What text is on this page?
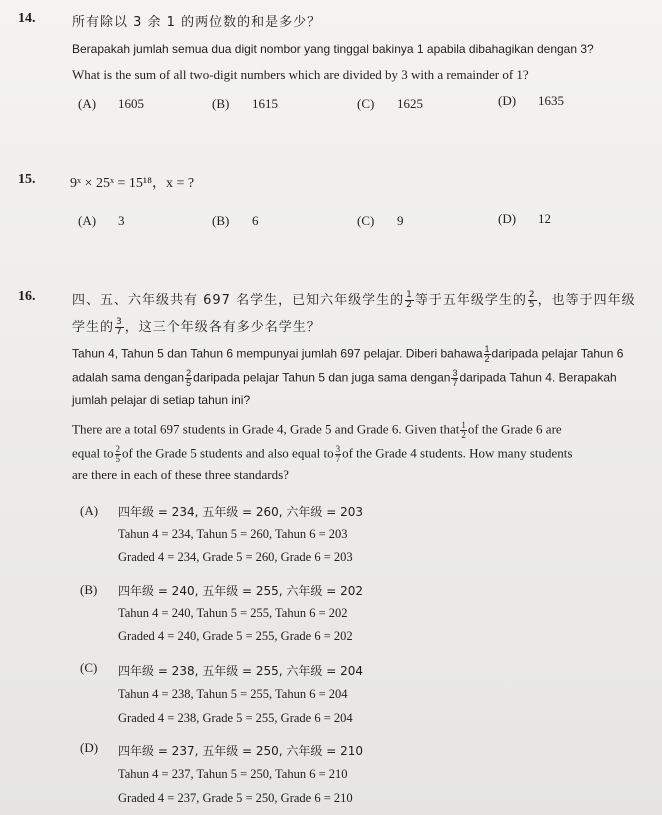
14.	所有除以 3 余 1 的两位数的和是多少？
Berapakah jumlah semua dua digit nombor yang tinggal bakinya 1 apabila dibahagikan dengan 3?
What is the sum of all two-digit numbers which are divided by 3 with a remainder of 1?
(A) 1605	(B) 1615	(C) 1625	(D) 1635
15. 9ˣ × 25ˣ = 15¹⁸，x = ?
(A) 3	(B) 6	(C) 9	(D) 12
16.	四、五、六年级共有 697 名学生，已知六年级学生的 $\frac{1}{2}$ 等于五年级学生的 $\frac{2}{5}$ ，也等于四年级
学生的 $\frac{3}{7}$ ，这三个年级各有多少名学生？
Tahun 4, Tahun 5 dan Tahun 6 mempunyai jumlah 697 pelajar. Diberi bahawa $\frac{1}{2}$ daripada pelajar Tahun 6
adalah sama dengan $\frac{2}{5}$ daripada pelajar Tahun 5 dan juga sama dengan $\frac{3}{7}$ daripada Tahun 4. Berapakah
jumlah pelajar di setiap tahun ini?
There are a total 697 students in Grade 4, Grade 5 and Grade 6. Given that $\frac{1}{2}$ of the Grade 6 are
equal to $\frac{2}{5}$ of the Grade 5 students and also equal to $\frac{3}{7}$ of the Grade 4 students. How many students
are there in each of these three standards?
(A) 四年级 = 234, 五年级 = 260, 六年级 = 203
Tahun 4 = 234, Tahun 5 = 260, Tahun 6 = 203
Graded 4 = 234, Grade 5 = 260, Grade 6 = 203
(B) 四年级 = 240, 五年级 = 255, 六年级 = 202
Tahun 4 = 240, Tahun 5 = 255, Tahun 6 = 202
Graded 4 = 240, Grade 5 = 255, Grade 6 = 202
(C) 四年级 = 238, 五年级 = 255, 六年级 = 204
Tahun 4 = 238, Tahun 5 = 255, Tahun 6 = 204
Graded 4 = 238, Grade 5 = 255, Grade 6 = 204
(D) 四年级 = 237, 五年级 = 250, 六年级 = 210
Tahun 4 = 237, Tahun 5 = 250, Tahun 6 = 210
Graded 4 = 237, Grade 5 = 250, Grade 6 = 210
